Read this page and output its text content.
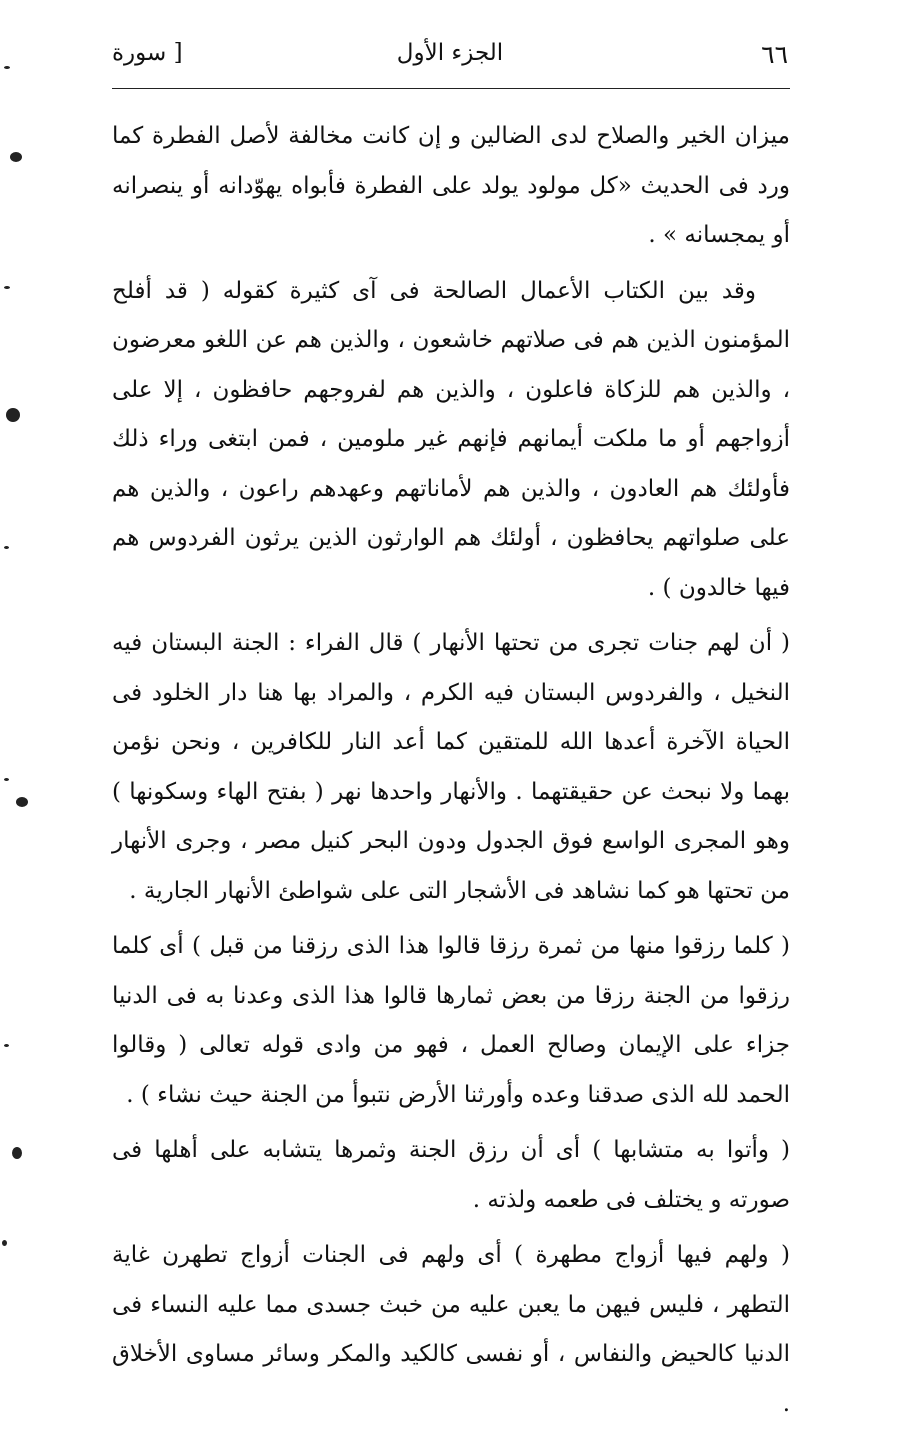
٦٦
الجزء الأول
[ سورة

ميزان الخير والصلاح لدى الضالين و إن كانت مخالفة لأصل الفطرة كما ورد فى الحديث «كل مولود يولد على الفطرة فأبواه يهوّدانه أو ينصرانه أو يمجسانه » .

وقد بين الكتاب الأعمال الصالحة فى آى كثيرة كقوله ( قد أفلح المؤمنون الذين هم فى صلاتهم خاشعون ، والذين هم عن اللغو معرضون ، والذين هم للزكاة فاعلون ، والذين هم لفروجهم حافظون ، إلا على أزواجهم أو ما ملكت أيمانهم فإنهم غير ملومين ، فمن ابتغى وراء ذلك فأولئك هم العادون ، والذين هم لأماناتهم وعهدهم راعون ، والذين هم على صلواتهم يحافظون ، أولئك هم الوارثون الذين يرثون الفردوس هم فيها خالدون ) .

( أن لهم جنات تجرى من تحتها الأنهار ) قال الفراء : الجنة البستان فيه النخيل ، والفردوس البستان فيه الكرم ، والمراد بها هنا دار الخلود فى الحياة الآخرة أعدها الله للمتقين كما أعد النار للكافرين ، ونحن نؤمن بهما ولا نبحث عن حقيقتهما . والأنهار واحدها نهر ( بفتح الهاء وسكونها ) وهو المجرى الواسع فوق الجدول ودون البحر كنيل مصر ، وجرى الأنهار من تحتها هو كما نشاهد فى الأشجار التى على شواطئ الأنهار الجارية .

( كلما رزقوا منها من ثمرة رزقا قالوا هذا الذى رزقنا من قبل ) أى كلما رزقوا من الجنة رزقا من بعض ثمارها قالوا هذا الذى وعدنا به فى الدنيا جزاء على الإيمان وصالح العمل ، فهو من وادى قوله تعالى ( وقالوا الحمد لله الذى صدقنا وعده وأورثنا الأرض نتبوأ من الجنة حيث نشاء ) .

( وأتوا به متشابها ) أى أن رزق الجنة وثمرها يتشابه على أهلها فى صورته و يختلف فى طعمه ولذته .

( ولهم فيها أزواج مطهرة ) أى ولهم فى الجنات أزواج تطهرن غاية التطهر ، فليس فيهن ما يعبن عليه من خبث جسدى مما عليه النساء فى الدنيا كالحيض والنفاس ، أو نفسى كالكيد والمكر وسائر مساوى الأخلاق .
